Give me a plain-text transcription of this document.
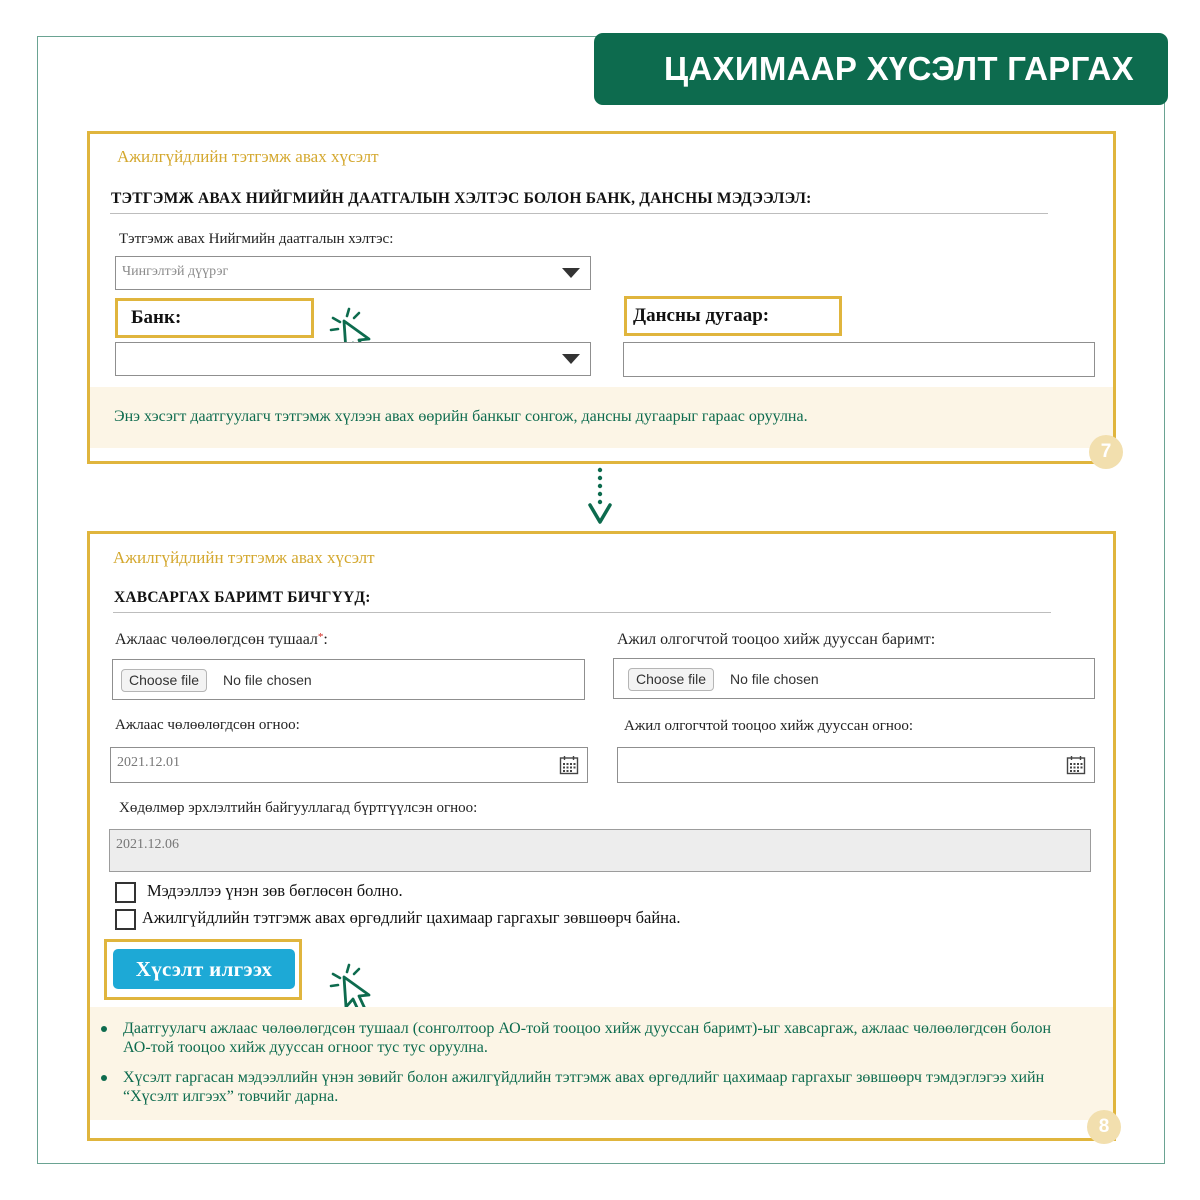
ЦАХИМААР ХҮСЭЛТ ГАРГАХ
Ажилгүйдлийн тэтгэмж авах хүсэлт
ТЭТГЭМЖ АВАХ НИЙГМИЙН ДААТГАЛЫН ХЭЛТЭС БОЛОН БАНК, ДАНСНЫ МЭДЭЭЛЭЛ:
Тэтгэмж авах Нийгмийн даатгалын хэлтэс:
Чингэлтэй дүүрэг
Банк:	Дансны дугаар:
Энэ хэсэгт даатгуулагч тэтгэмж хүлээн авах өөрийн банкыг сонгож, дансны дугаарыг гараас оруулна.
7
Ажилгүйдлийн тэтгэмж авах хүсэлт
ХАВСАРГАХ БАРИМТ БИЧГҮҮД:
Ажлаас чөлөөлөгдсөн тушаал*:	Ажил олгогчтой тооцоо хийж дууссан баримт:
Choose file	No file chosen	Choose file	No file chosen
Ажлаас чөлөөлөгдсөн огноо:	Ажил олгогчтой тооцоо хийж дууссан огноо:
2021.12.01
Хөдөлмөр эрхлэлтийн байгууллагад бүртгүүлсэн огноо:
2021.12.06
Мэдээллээ үнэн зөв бөглөсөн болно.
Ажилгүйдлийн тэтгэмж авах өргөдлийг цахимаар гаргахыг зөвшөөрч байна.
Хүсэлт илгээх
Даатгуулагч ажлаас чөлөөлөгдсөн тушаал (сонголтоор АО-той тооцоо хийж дууссан баримт)-ыг хавсаргаж, ажлаас чөлөөлөгдсөн болон АО-той тооцоо хийж дууссан огноог тус тус оруулна.
Хүсэлт гаргасан мэдээллийн үнэн зөвийг болон ажилгүйдлийн тэтгэмж авах өргөдлийг цахимаар гаргахыг зөвшөөрч тэмдэглэгээ хийн “Хүсэлт илгээх” товчийг дарна.
8
